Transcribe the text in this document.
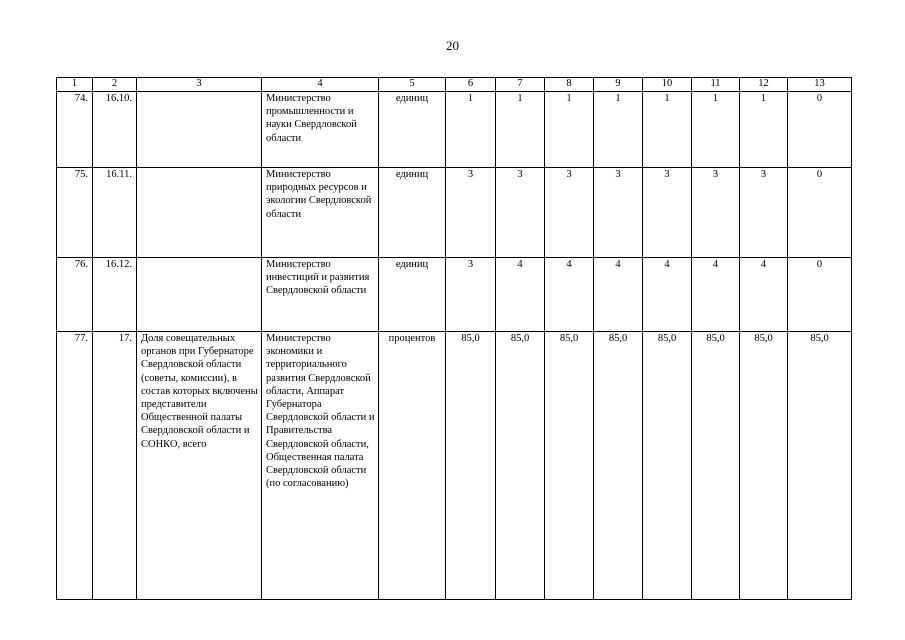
20
1	2	3	4	5	6	7	8	9	10	11	12	13
74.	16.10.		Министерство промышленности и науки Свердловской области	единиц	1	1	1	1	1	1	1	0
75.	16.11.		Министерство природных ресурсов и экологии Свердловской области	единиц	3	3	3	3	3	3	3	0
76.	16.12.		Министерство инвестиций и развития Свердловской области	единиц	3	4	4	4	4	4	4	0
77.	17.	Доля совещательных органов при Губернаторе Свердловской области (советы, комиссии), в состав которых включены представители Общественной палаты Свердловской области и СОНКО, всего	Министерство экономики и территориального развития Свердловской области, Аппарат Губернатора Свердловской области и Правительства Свердловской области, Общественная палата Свердловской области (по согласованию)	процентов	85,0	85,0	85,0	85,0	85,0	85,0	85,0	85,0
